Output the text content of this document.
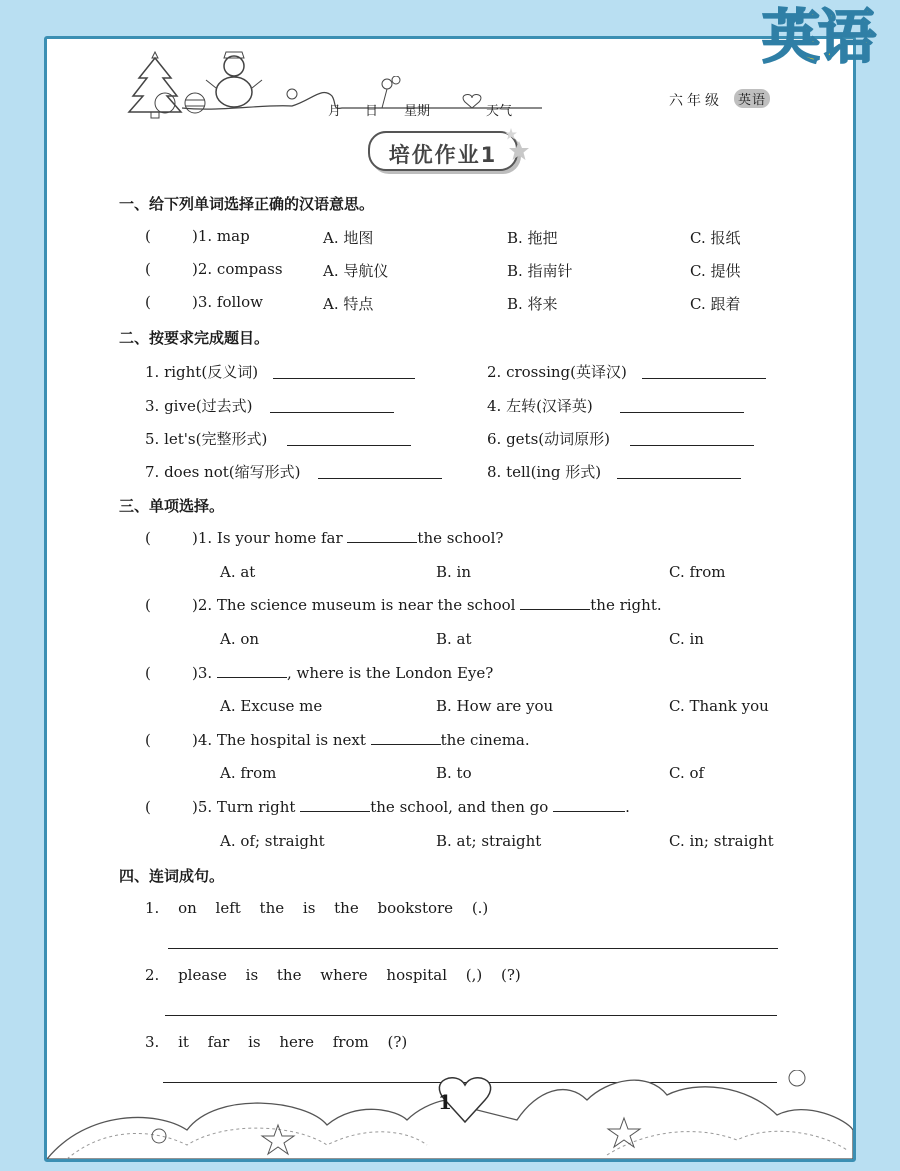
英语
月 日 星期	天气
六年级	英语
培优作业1
一、给下列单词选择正确的汉语意思。
(	)1. map	A. 地图	B. 拖把	C. 报纸
(	)2. compass	A. 导航仪	B. 指南针	C. 提供
(	)3. follow	A. 特点	B. 将来	C. 跟着
二、按要求完成题目。
1. right(反义词)	2. crossing(英译汉)
3. give(过去式)	4. 左转(汉译英)
5. let's(完整形式)	6. gets(动词原形)
7. does not(缩写形式)	8. tell(ing 形式)
三、单项选择。
(	)1. Is your home far	the school?
A. at	B. in	C. from
(	)2. The science museum is near the school	the right.
A. on	B. at	C. in
(	)3.	, where is the London Eye?
A. Excuse me	B. How are you	C. Thank you
(	)4. The hospital is next	the cinema.
A. from	B. to	C. of
(	)5. Turn right	the school, and then go	.
A. of; straight	B. at; straight	C. in; straight
四、连词成句。
1. on left the is the bookstore (.)
2. please is the where hospital (,) (?)
3. it far is here from (?)
1
